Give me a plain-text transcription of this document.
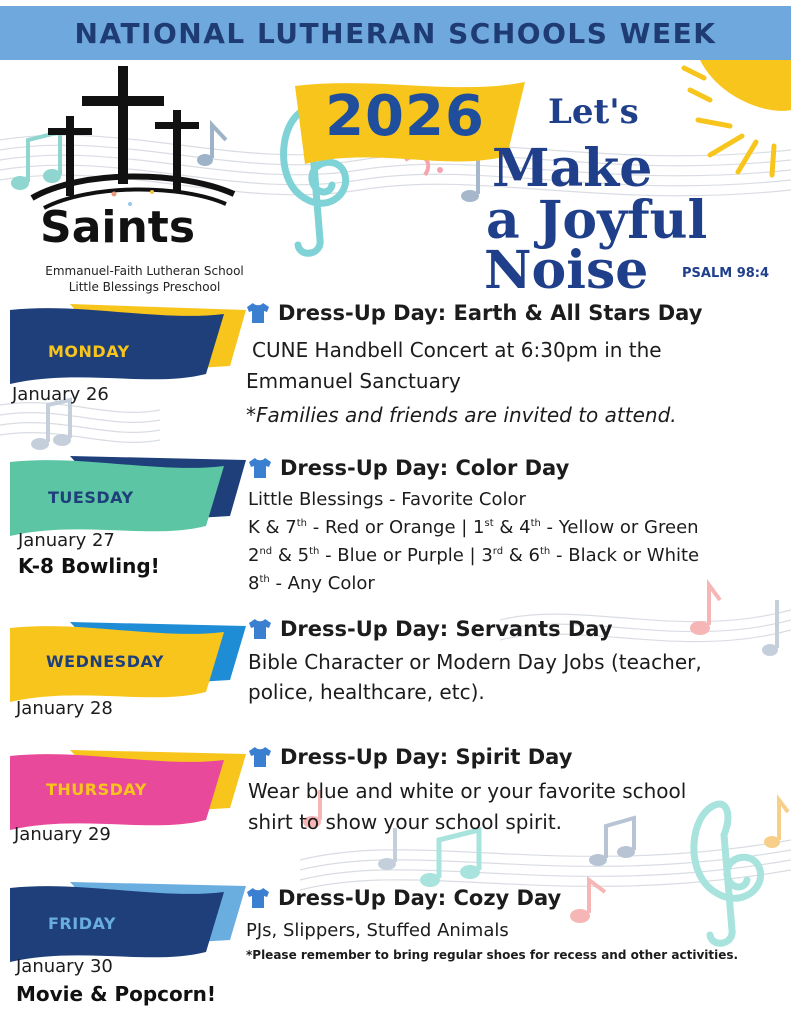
NATIONAL LUTHERAN SCHOOLS WEEK
Saints
Emmanuel-Faith Lutheran School
Little Blessings Preschool
2026	Let's
Make
a Joyful
Noise	PSALM 98:4
MONDAY
January 26
Dress-Up Day: Earth & All Stars Day
CUNE Handbell Concert at 6:30pm in the
Emmanuel Sanctuary
*Families and friends are invited to attend.
TUESDAY
January 27
K-8 Bowling!
Dress-Up Day: Color Day
Little Blessings - Favorite Color
K & 7th - Red or Orange | 1st & 4th - Yellow or Green
2nd & 5th - Blue or Purple | 3rd & 6th - Black or White
8th - Any Color
WEDNESDAY
January 28
Dress-Up Day: Servants Day
Bible Character or Modern Day Jobs (teacher,
police, healthcare, etc).
THURSDAY
January 29
Dress-Up Day: Spirit Day
Wear blue and white or your favorite school
shirt to show your school spirit.
FRIDAY
January 30
Movie & Popcorn!
Dress-Up Day: Cozy Day
PJs, Slippers, Stuffed Animals
*Please remember to bring regular shoes for recess and other activities.
